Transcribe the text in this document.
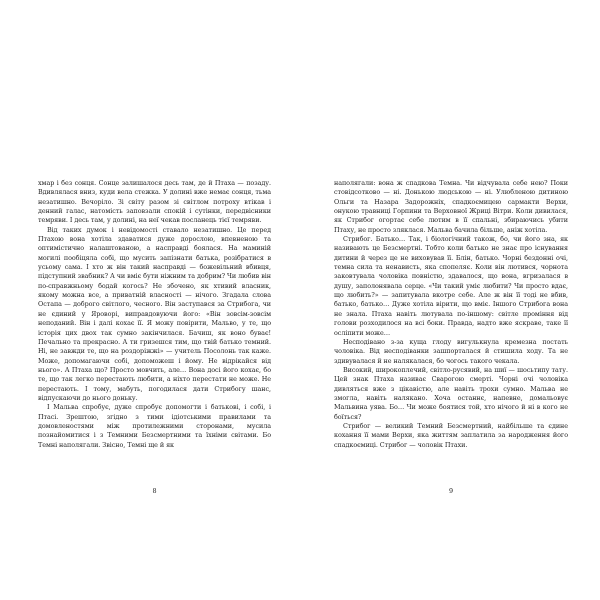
хмар і без сонця. Сонце залишалося десь там, де й Птаха — позаду. Вдивлялася вниз, куди вела стежка. У долині вже немає сонця, тьма незатишно. Вечоріло. Зі світу разом зі світлом потроху втікав і денний галас, натомість заповзали спокій і сутінки, передвісники темряви. І десь там, у долині, на неї чекав посланець тієї темряви.

Від таких думок і невідомості ставало незатишно. Це перед Птахою вона хотіла здаватися дуже дорослою, впевненою та оптимістично налаштованою, а насправді боялася. На маминій могилі пообіцяла собі, що мусить запізнати батька, розібратися в усьому сама. І хто ж він такий насправді — божевільний вбивця, підступний звабник? А чи вміє бути ніжним та добрим? Чи любив він по-справжньому бодай когось? Не збочено, як хтивий власник, якому можна все, а приватній власності — нічого. Згадала слова Остапа — доброго світлого, чесного. Він заступався за Стрибога, чи не єдиний у Яроворі, виправдовуючи його: «Він зовсім-зовсім неподаний. Він і далі кохає її. Я можу повірити, Мальво, у те, що історія цих двох так сумно закінчилася. Бачиш, як воно буває! Печально та прекрасно. А ти гризешся тим, що твій батько темний. Ні, не завжди те, що на роздоріжжі» — учитель Посолонь так каже. Може, допомагаючи собі, допоможеш і йому. Не відрікайся від нього». А Птаха що? Просто мовчить, але… Вона досі його кохає, бо те, що так легко перестають любити, а ніхто перестати не може. Не перестають. І тому, мабуть, погодилася дати Стрибогу шанс, відпускаючи до нього доньку.

І Мальва спробує, дуже спробує допомогти і батькові, і собі, і Птасі. Зрештою, згідно з тими ідіотськими правилами та домовленостями між протилежними сторонами, мусила познайомитися і з Темними Безсмертними та їхніми світами. Бо Темні наполягали. Звісно, Темні ще й як

8

наполягали: вона ж спадкова Темна. Чи відчувала себе нею? Поки стовідсотково — ні. Донькою людською — ні. Улюбленою дитиною Ольги та Назара Задорожніх, спадкоємицею сармакти Верхи, онукою травниці Горпини та Верховної Жриці Вітри. Коли дивилася, як Стрибог огортає себе лютим в її спальні, збираючись убити Птаху, не просто зляклася. Мальва бачила більше, аніж хотіла.

Стрибог. Батько… Так, і біологічний також, бо, чи його зна, як називають це Безсмертні. Тобто коли батько не знає про існування дитини й через це не виховував її. Блін, батько. Чорні бездонні очі, темна сила та ненависть, яка спопеляє. Коли він лютився, чорнота заковтувала чоловіка повністю, здавалося, що вона, вгризалася в душу, заполонявала серце. «Чи такий уміє любити? Чи просто вдає, що любить?» — запитувала вкотре себе. Але ж він її тоді не вбив, батько, батько… Дуже хотіла вірити, що вміє. Іншого Стрибога вона не знала. Птаха навіть лютувала по-іншому: світле проміння від голови розходилося на всі боки. Правда, надто вже яскраве, таке її осліпити може…

Несподівано з-за куща глоду вигулькнула кремезна постать чоловіка. Від несподіванки зашпорталася й стишила ходу. Та не здивувалася й не налякалася, бо чогось такого чекала.

Високий, широкоплечий, світло-русявий, на шиї — шосьтипу тату. Цей знак Птаха називає Сварогою смерті. Чорні очі чоловіка дивляться вже з цікавістю, але навіть трохи сумно. Мальва не змогла, навіть налякано. Хоча останнє, напевне, домальовує Мальвина уява. Бо… Чи може боятися той, хто нічого й ні в кого не боїться?

Стрибог — великий Темний Безсмертний, найбільше та єдине кохання її мами Верхи, яка життям заплатила за народження його спадкоємиці. Стрибог — чоловік Птахи.

9
